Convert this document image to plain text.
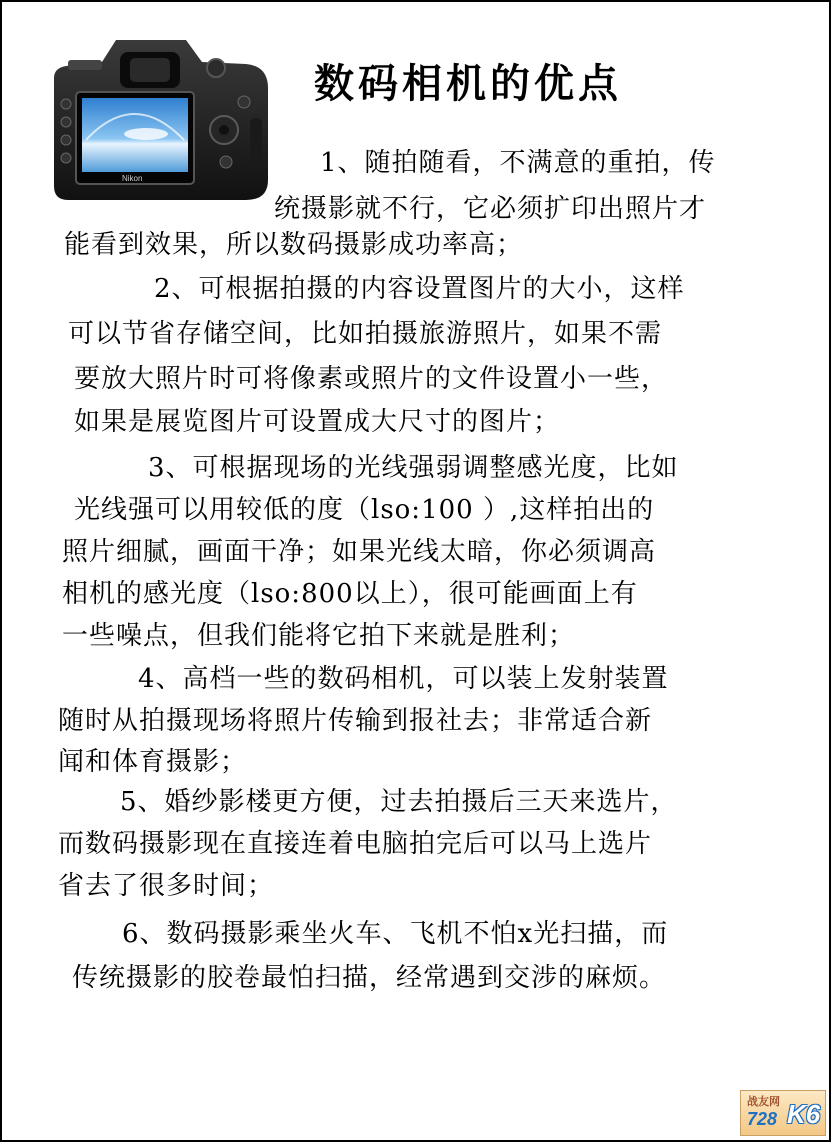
Nikon
数码相机的优点
1、随拍随看，不满意的重拍，传
统摄影就不行，它必须扩印出照片才
能看到效果，所以数码摄影成功率高；
2、可根据拍摄的内容设置图片的大小，这样
可以节省存储空间，比如拍摄旅游照片，如果不需
要放大照片时可将像素或照片的文件设置小一些，
如果是展览图片可设置成大尺寸的图片；
3、可根据现场的光线强弱调整感光度，比如
光线强可以用较低的度（lso:100 ）,这样拍出的
照片细腻，画面干净；如果光线太暗，你必须调高
相机的感光度（lso:800以上），很可能画面上有
一些噪点，但我们能将它拍下来就是胜利；
4、高档一些的数码相机，可以装上发射装置
随时从拍摄现场将照片传输到报社去；非常适合新
闻和体育摄影；
5、婚纱影楼更方便，过去拍摄后三天来选片，
而数码摄影现在直接连着电脑拍完后可以马上选片
省去了很多时间；
6、数码摄影乘坐火车、飞机不怕x光扫描，而
传统摄影的胶卷最怕扫描，经常遇到交涉的麻烦。
战友网
728 K6
